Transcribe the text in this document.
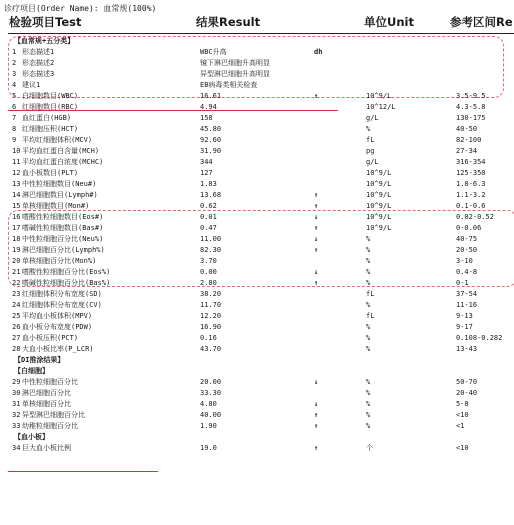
诊疗项目(Order Name): 血常规(100%)
检验项目Test	结果Result	单位Unit	参考区间Re
【血常规+五分类】
1 形态描述1	WBC升高	dh
2 形态描述2	镜下淋巴细胞升高明显
3 形态描述3	异型淋巴细胞升高明显
4 建议1	EB病毒类相关检查
5 白细胞数目(WBC)	16.61	↑	10^9/L	3.5-9.5
6 红细胞数目(RBC)	4.94	10^12/L	4.3-5.8
7 血红蛋白(HGB)	158	g/L	130-175
8 红细胞压积(HCT)	45.80	%	40-50
9 平均红细胞体积(MCV)	92.60	fL	82-100
10 平均血红蛋白含量(MCH)	31.90	pg	27-34
11 平均血红蛋白浓度(MCHC)	344	g/L	316-354
12 血小板数目(PLT)	127	10^9/L	125-350
13 中性粒细胞数目(Neu#)	1.83	10^9/L	1.8-6.3
14 淋巴细胞数目(Lymph#)	13.68	↑	10^9/L	1.1-3.2
15 单核细胞数目(Mon#)	0.62	↑	10^9/L	0.1-0.6
16 嗜酸性粒细胞数目(Eos#)	0.01	↓	10^9/L	0.02-0.52
17 嗜碱性粒细胞数目(Bas#)	0.47	↑	10^9/L	0-0.06
18 中性粒细胞百分比(Neu%)	11.00	↓	%	40-75
19 淋巴细胞百分比(Lymph%)	82.30	↑	%	20-50
20 单核细胞百分比(Mon%)	3.70	%	3-10
21 嗜酸性粒细胞百分比(Eos%)	0.00	↓	%	0.4-8
22 嗜碱性粒细胞百分比(Bas%)	2.80	↑	%	0-1
23 红细胞体积分布宽度(SD)	38.20	fL	37-54
24 红细胞体积分布宽度(CV)	11.70	%	11-16
25 平均血小板体积(MPV)	12.20	fL	9-13
26 血小板分布宽度(PDW)	16.90	%	9-17
27 血小板压积(PCT)	0.16	%	0.108-0.282
28 大血小板比率(P_LCR)	43.70	%	13-43
【DI推涂结果】
【白细胞】
29 中性粒细胞百分比	20.00	↓	%	50-70
30 淋巴细胞百分比	33.30	%	20-40
31 单核细胞百分比	4.80	↓	%	5-8
32 异型淋巴细胞百分比	40.00	↑	%	<10
33 幼稚粒细胞百分比	1.90	↑	%	<1
【血小板】
34 巨大血小板比例	19.0	↑	个	<10
